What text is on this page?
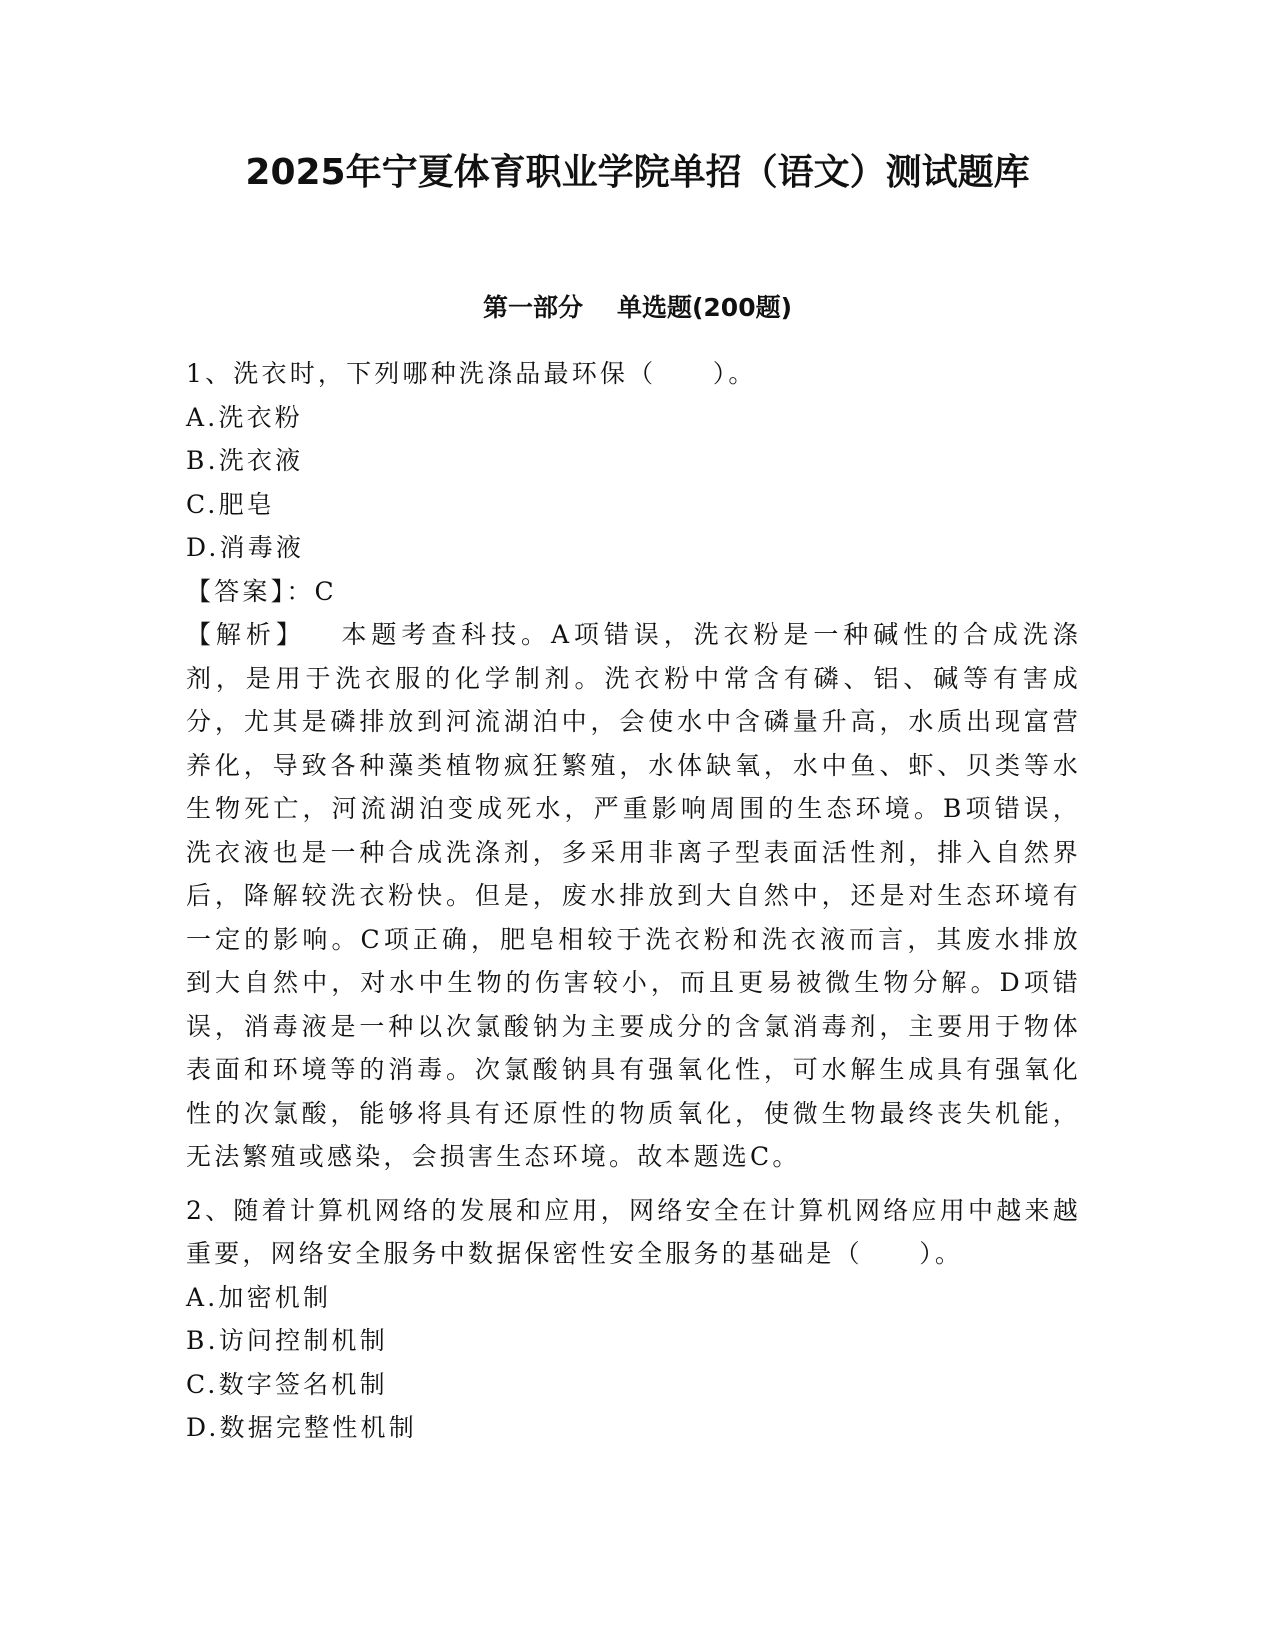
2025年宁夏体育职业学院单招（语文）测试题库
第一部分 单选题(200题)
1、洗衣时，下列哪种洗涤品最环保（　　）。
A.洗衣粉
B.洗衣液
C.肥皂
D.消毒液
【答案】：C
【解析】 本题考查科技。A项错误，洗衣粉是一种碱性的合成洗涤剂，是用于洗衣服的化学制剂。洗衣粉中常含有磷、铝、碱等有害成分，尤其是磷排放到河流湖泊中，会使水中含磷量升高，水质出现富营养化，导致各种藻类植物疯狂繁殖，水体缺氧，水中鱼、虾、贝类等水生物死亡，河流湖泊变成死水，严重影响周围的生态环境。B项错误，洗衣液也是一种合成洗涤剂，多采用非离子型表面活性剂，排入自然界后，降解较洗衣粉快。但是，废水排放到大自然中，还是对生态环境有一定的影响。C项正确，肥皂相较于洗衣粉和洗衣液而言，其废水排放到大自然中，对水中生物的伤害较小，而且更易被微生物分解。D项错误，消毒液是一种以次氯酸钠为主要成分的含氯消毒剂，主要用于物体表面和环境等的消毒。次氯酸钠具有强氧化性，可水解生成具有强氧化性的次氯酸，能够将具有还原性的物质氧化，使微生物最终丧失机能，无法繁殖或感染，会损害生态环境。故本题选C。
2、随着计算机网络的发展和应用，网络安全在计算机网络应用中越来越重要，网络安全服务中数据保密性安全服务的基础是（　　）。
A.加密机制
B.访问控制机制
C.数字签名机制
D.数据完整性机制
